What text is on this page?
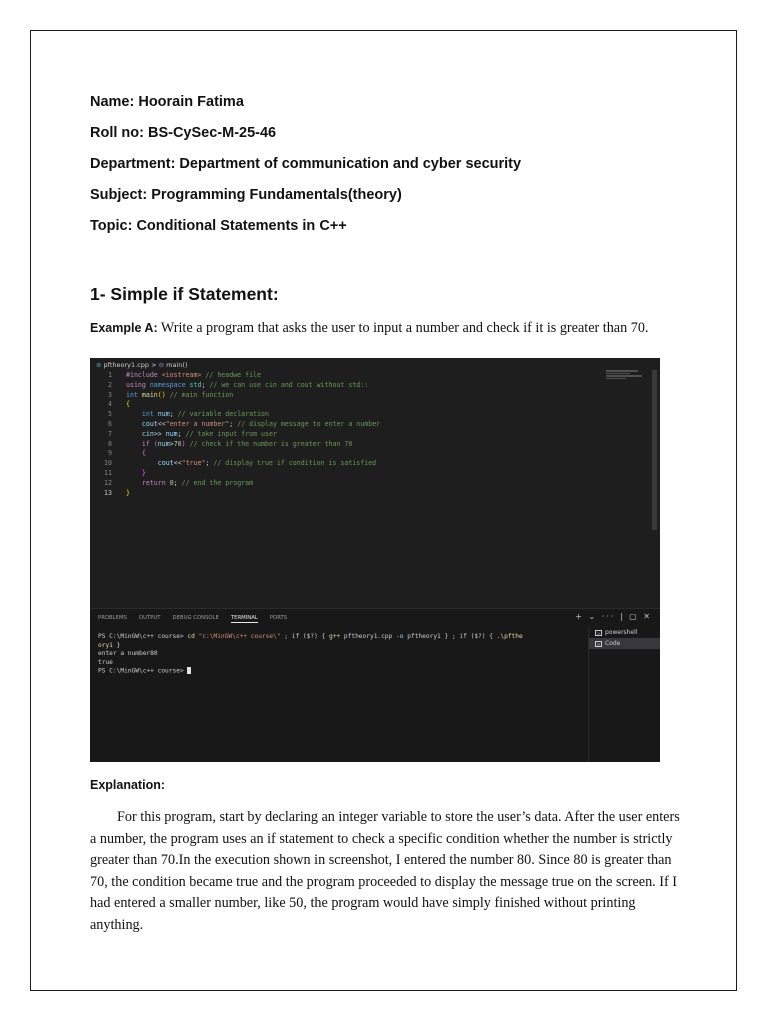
Name: Hoorain Fatima
Roll no: BS-CySec-M-25-46
Department: Department of communication and cyber security
Subject: Programming Fundamentals(theory)
Topic: Conditional Statements in C++
1- Simple if Statement:

Example A: Write a program that asks the user to input a number and check if it is greater than 70.

⊕ pftheory1.cpp > ⊖ main()
1	#include <iostream> // headwe file
2	using namespace std ; // we can use cin and cout without std::
3	int main () // main function
4	{
5
	int num ; // variable declaration
6
	cout << "enter a number" ; // display message to enter a number
7
	cin >> num ; // take input from user
8
	if ( num > 70 ) // check if the number is greater than 70
9
	{
10
	cout << "true" ; // display true if condition is satisfied
11
	}
12
	return 0 ; // end the program
13	}
PROBLEMS OUTPUT DEBUG CONSOLE TERMINAL PORTS	+ ⌄ ··· | ▢ ✕
PS C:\MinGW\c++ course> cd "c:\MinGW\c++ course\" ; if ($?) { g++ pftheory1.cpp -o pftheory1 } ; if ($?) { .\pfthe
ory1 }
enter a number80
true
PS C:\MinGW\c++ course>
> powershell
> Code
Explanation:

For this program, start by declaring an integer variable to store the user’s data. After the user enters a number, the program uses an if statement to check a specific condition whether the number is strictly greater than 70.In the execution shown in screenshot, I entered the number 80. Since 80 is greater than 70, the condition became true and the program proceeded to display the message true on the screen. If I had entered a smaller number, like 50, the program would have simply finished without printing anything.
